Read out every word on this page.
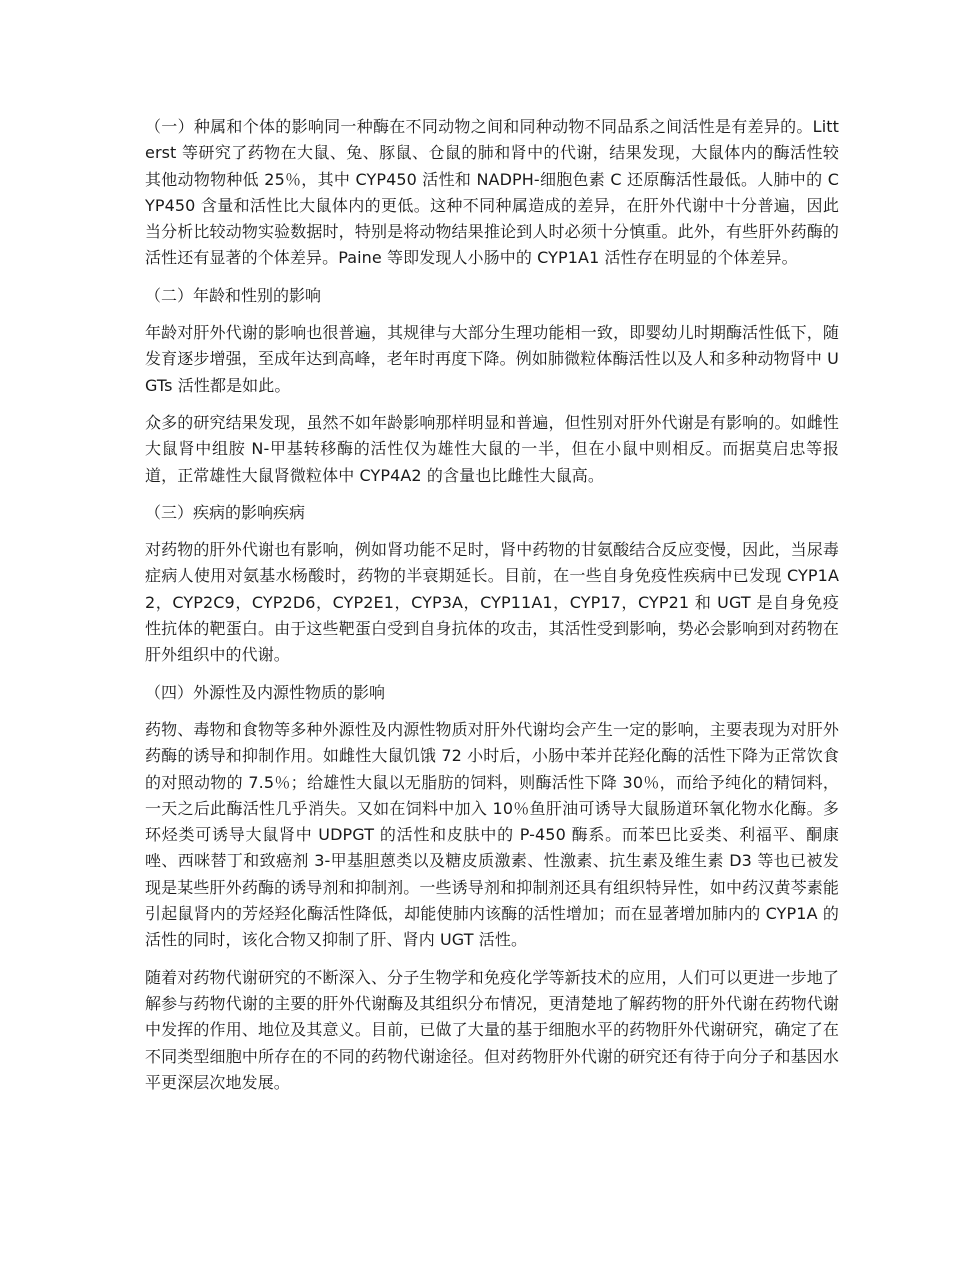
（一）种属和个体的影响同一种酶在不同动物之间和同种动物不同品系之间活性是有差异的。Litterst 等研究了药物在大鼠、兔、豚鼠、仓鼠的肺和肾中的代谢，结果发现，大鼠体内的酶活性较其他动物物种低 25％，其中 CYP450 活性和 NADPH-细胞色素 C 还原酶活性最低。人肺中的 CYP450 含量和活性比大鼠体内的更低。这种不同种属造成的差异，在肝外代谢中十分普遍，因此当分析比较动物实验数据时，特别是将动物结果推论到人时必须十分慎重。此外，有些肝外药酶的活性还有显著的个体差异。Paine 等即发现人小肠中的 CYP1A1 活性存在明显的个体差异。

（二）年龄和性别的影响

年龄对肝外代谢的影响也很普遍，其规律与大部分生理功能相一致，即婴幼儿时期酶活性低下，随发育逐步增强，至成年达到高峰，老年时再度下降。例如肺微粒体酶活性以及人和多种动物肾中 UGTs 活性都是如此。

众多的研究结果发现，虽然不如年龄影响那样明显和普遍，但性别对肝外代谢是有影响的。如雌性大鼠肾中组胺 N-甲基转移酶的活性仅为雄性大鼠的一半，但在小鼠中则相反。而据莫启忠等报道，正常雄性大鼠肾微粒体中 CYP4A2 的含量也比雌性大鼠高。

（三）疾病的影响疾病

对药物的肝外代谢也有影响，例如肾功能不足时，肾中药物的甘氨酸结合反应变慢，因此，当尿毒症病人使用对氨基水杨酸时，药物的半衰期延长。目前，在一些自身免疫性疾病中已发现 CYP1A2，CYP2C9，CYP2D6，CYP2E1，CYP3A，CYP11A1，CYP17，CYP21 和 UGT 是自身免疫性抗体的靶蛋白。由于这些靶蛋白受到自身抗体的攻击，其活性受到影响，势必会影响到对药物在肝外组织中的代谢。

（四）外源性及内源性物质的影响

药物、毒物和食物等多种外源性及内源性物质对肝外代谢均会产生一定的影响，主要表现为对肝外药酶的诱导和抑制作用。如雌性大鼠饥饿 72 小时后，小肠中苯并芘羟化酶的活性下降为正常饮食的对照动物的 7.5％；给雄性大鼠以无脂肪的饲料，则酶活性下降 30％，而给予纯化的精饲料，一天之后此酶活性几乎消失。又如在饲料中加入 10％鱼肝油可诱导大鼠肠道环氧化物水化酶。多环烃类可诱导大鼠肾中 UDPGT 的活性和皮肤中的 P-450 酶系。而苯巴比妥类、利福平、酮康唑、西咪替丁和致癌剂 3-甲基胆蒽类以及糖皮质激素、性激素、抗生素及维生素 D3 等也已被发现是某些肝外药酶的诱导剂和抑制剂。一些诱导剂和抑制剂还具有组织特异性，如中药汉黄芩素能引起鼠肾内的芳烃羟化酶活性降低，却能使肺内该酶的活性增加；而在显著增加肺内的 CYP1A 的活性的同时，该化合物又抑制了肝、肾内 UGT 活性。

随着对药物代谢研究的不断深入、分子生物学和免疫化学等新技术的应用，人们可以更进一步地了解参与药物代谢的主要的肝外代谢酶及其组织分布情况，更清楚地了解药物的肝外代谢在药物代谢中发挥的作用、地位及其意义。目前，已做了大量的基于细胞水平的药物肝外代谢研究，确定了在不同类型细胞中所存在的不同的药物代谢途径。但对药物肝外代谢的研究还有待于向分子和基因水平更深层次地发展。
